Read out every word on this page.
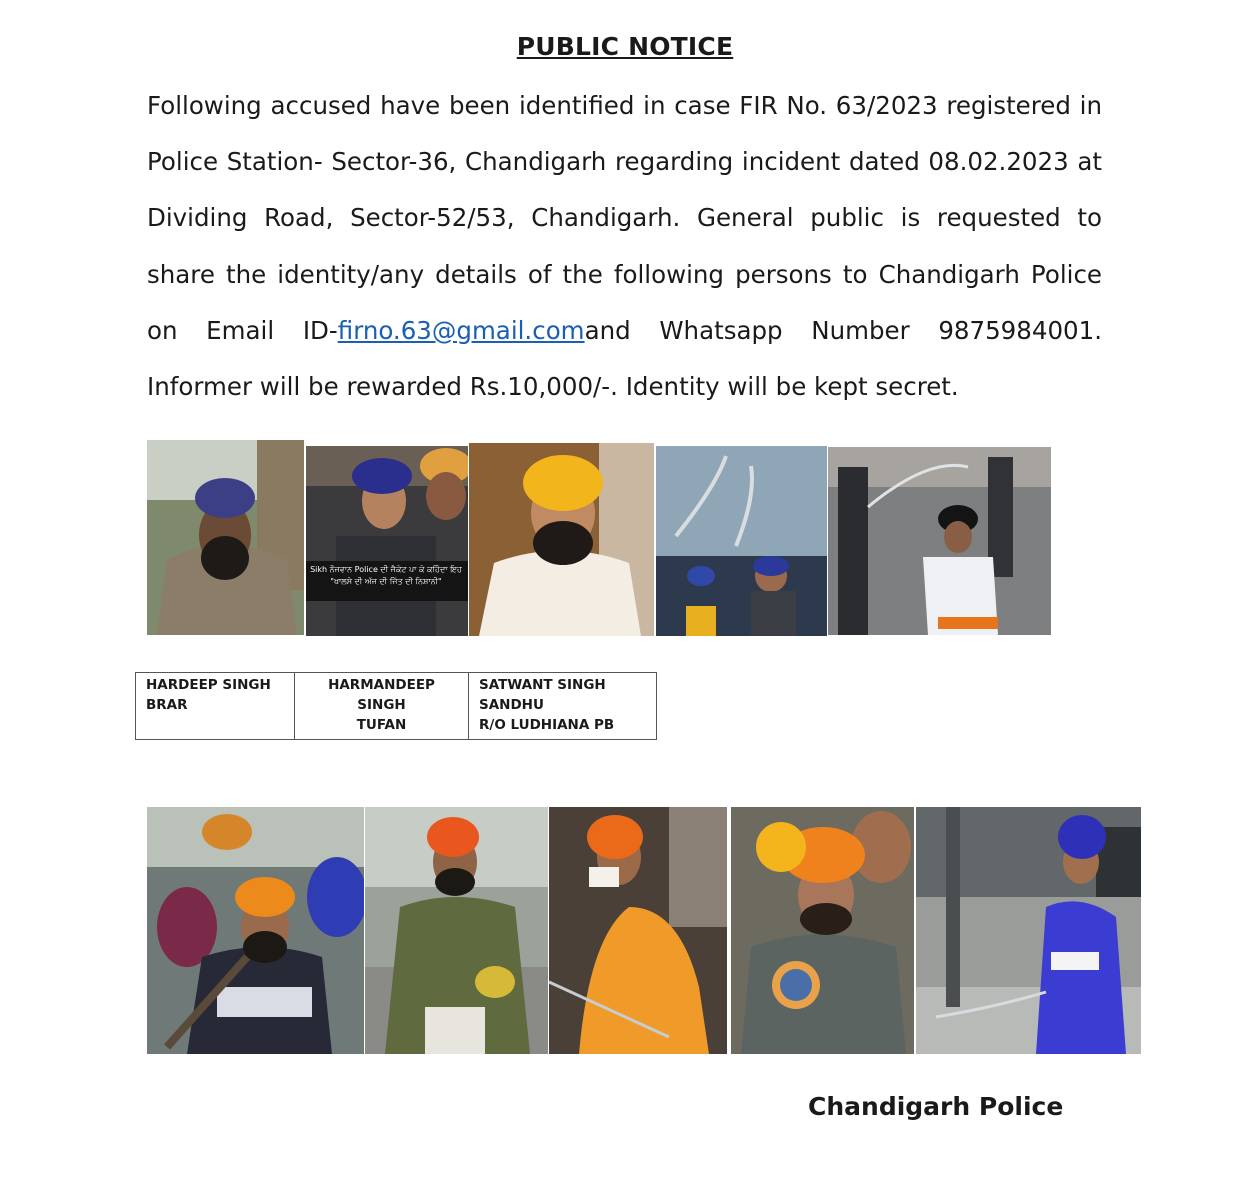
PUBLIC NOTICE
Following accused have been identified in case FIR No. 63/2023 registered in Police Station- Sector-36, Chandigarh regarding incident dated 08.02.2023 at Dividing Road, Sector-52/53, Chandigarh. General public is requested to share the identity/any details of the following persons to Chandigarh Police on Email ID-firno.63@gmail.comand Whatsapp Number 9875984001. Informer will be rewarded Rs.10,000/-. Identity will be kept secret.
Sikh ਨੌਜਵਾਨ Police ਦੀ ਜੈਕੇਟ ਪਾ ਕੇ ਕਹਿੰਦਾ ਇਹ "ਖਾਲਸੇ ਦੀ ਅੱਜ ਦੀ ਜਿੱਤ ਦੀ ਨਿਸ਼ਾਨੀ"
HARDEEP SINGH
BRAR

HARMANDEEP SINGH
TUFAN

SATWANT SINGH
SANDHU
R/O LUDHIANA PB
Chandigarh Police
